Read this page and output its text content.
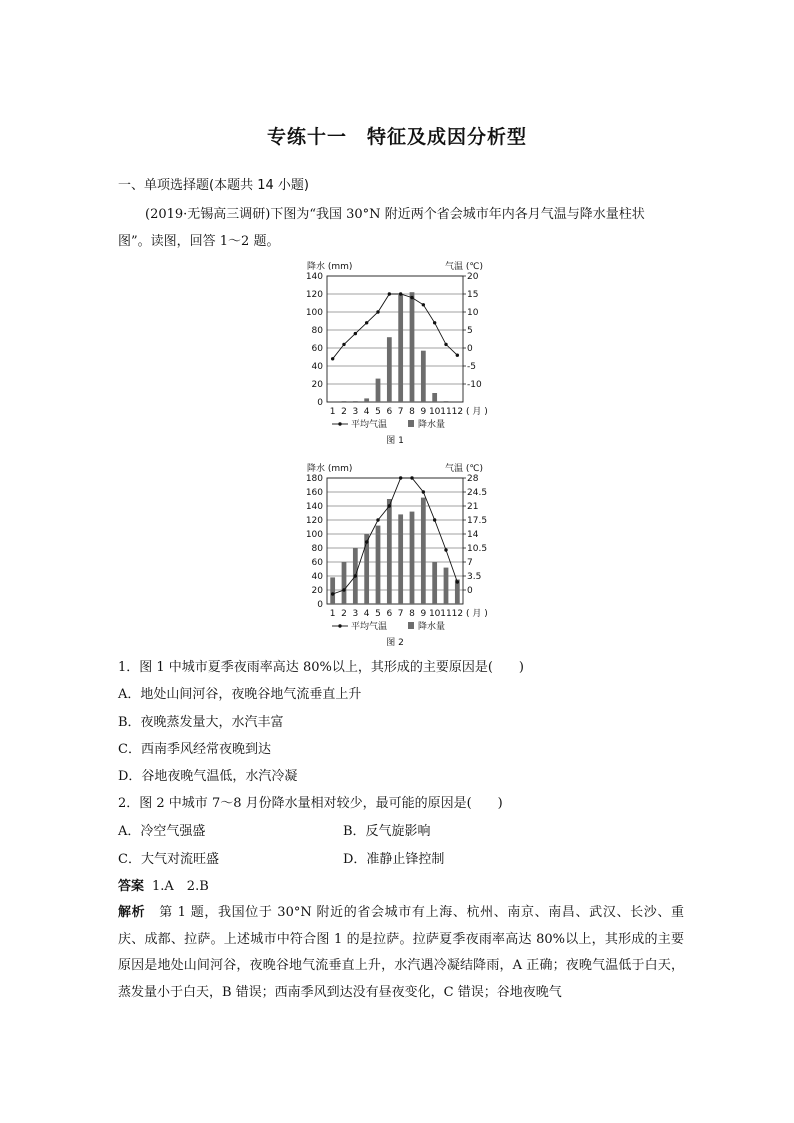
专练十一　特征及成因分析型
一、单项选择题(本题共 14 小题)
(2019·无锡高三调研)下图为“我国 30°N 附近两个省会城市年内各月气温与降水量柱状
图”。读图，回答 1～2 题。
降水 (mm)	气温 (℃)
0
20
40
60
80
100
120
140
-10
-5
0
5
10
15
20
1 2 3 4 5 6 7 8 9 10 11 12 ( 月 )
平均气温	降水量
图 1
降水 (mm)	气温 (℃)
0
20
40
60
80
100
120
140
160
180
0
3.5
7
10.5
14
17.5
21
24.5
28
1 2 3 4 5 6 7 8 9 10 11 12 ( 月 )
平均气温	降水量
图 2
1．图 1 中城市夏季夜雨率高达 80%以上，其形成的主要原因是(　　)
A．地处山间河谷，夜晚谷地气流垂直上升
B．夜晚蒸发量大，水汽丰富
C．西南季风经常夜晚到达
D．谷地夜晚气温低，水汽冷凝
2．图 2 中城市 7～8 月份降水量相对较少，最可能的原因是(　　)
A．冷空气强盛	B．反气旋影响
C．大气对流旺盛	D．准静止锋控制
答案 1.A　2.B
解析 第 1 题，我国位于 30°N 附近的省会城市有上海、杭州、南京、南昌、武汉、长沙、重庆、成都、拉萨。上述城市中符合图 1 的是拉萨。拉萨夏季夜雨率高达 80%以上，其形成的主要原因是地处山间河谷，夜晚谷地气流垂直上升，水汽遇冷凝结降雨，A 正确；夜晚气温低于白天，蒸发量小于白天，B 错误；西南季风到达没有昼夜变化，C 错误；谷地夜晚气
